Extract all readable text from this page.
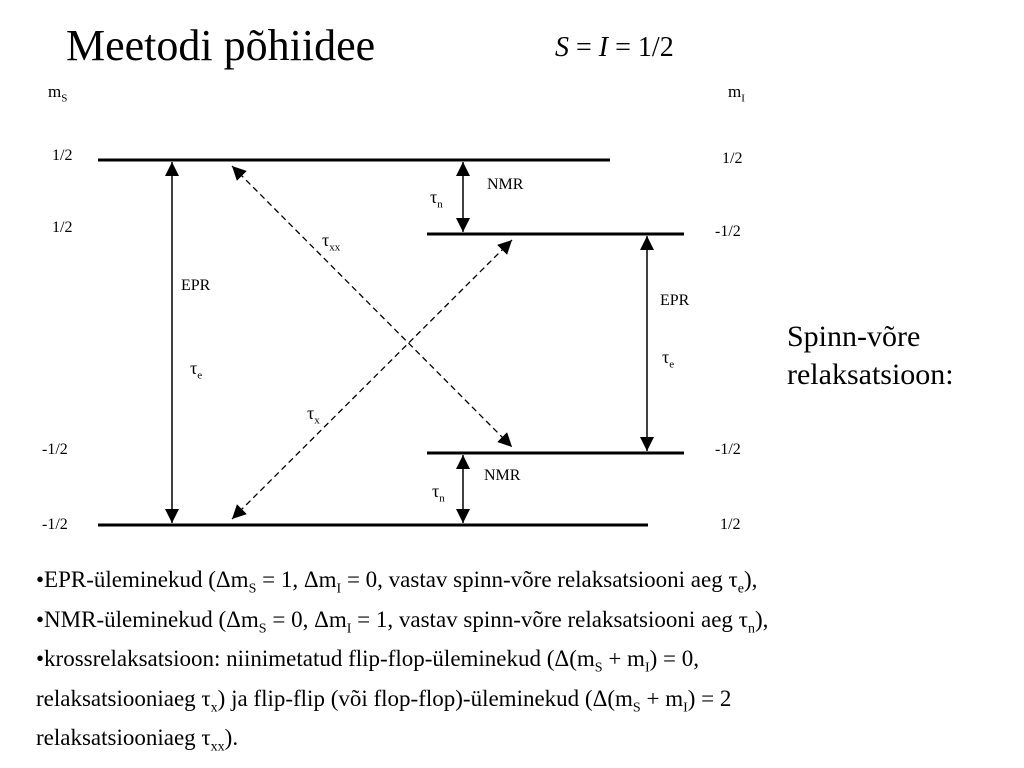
Meetodi põhiidee	S = I = 1/2
$m_S$	$m_I$
1/2
1/2
-1/2
-1/2
1/2
-1/2
-1/2
1/2
NMR
$\tau_n$
$\tau_{xx}$
EPR
$\tau_e$
EPR
$\tau_e$
$\tau_x$
NMR
$\tau_n$
Spinn-võre
relaksatsioon:

•EPR-üleminekud ($\Delta m_S = 1$, $\Delta m_I = 0$, vastav spinn-võre relaksatsiooni aeg $\tau_e$),

•NMR-üleminekud ($\Delta m_S = 0$, $\Delta m_I = 1$, vastav spinn-võre relaksatsiooni aeg $\tau_n$),

•krossrelaksatsioon: niinimetatud flip-flop-üleminekud ($\Delta(m_S + m_I) = 0$,

relaksatsiooniaeg $\tau_x$) ja flip-flip (või flop-flop)-üleminekud ($\Delta(m_S + m_I) = 2$

relaksatsiooniaeg $\tau_{xx}$).
